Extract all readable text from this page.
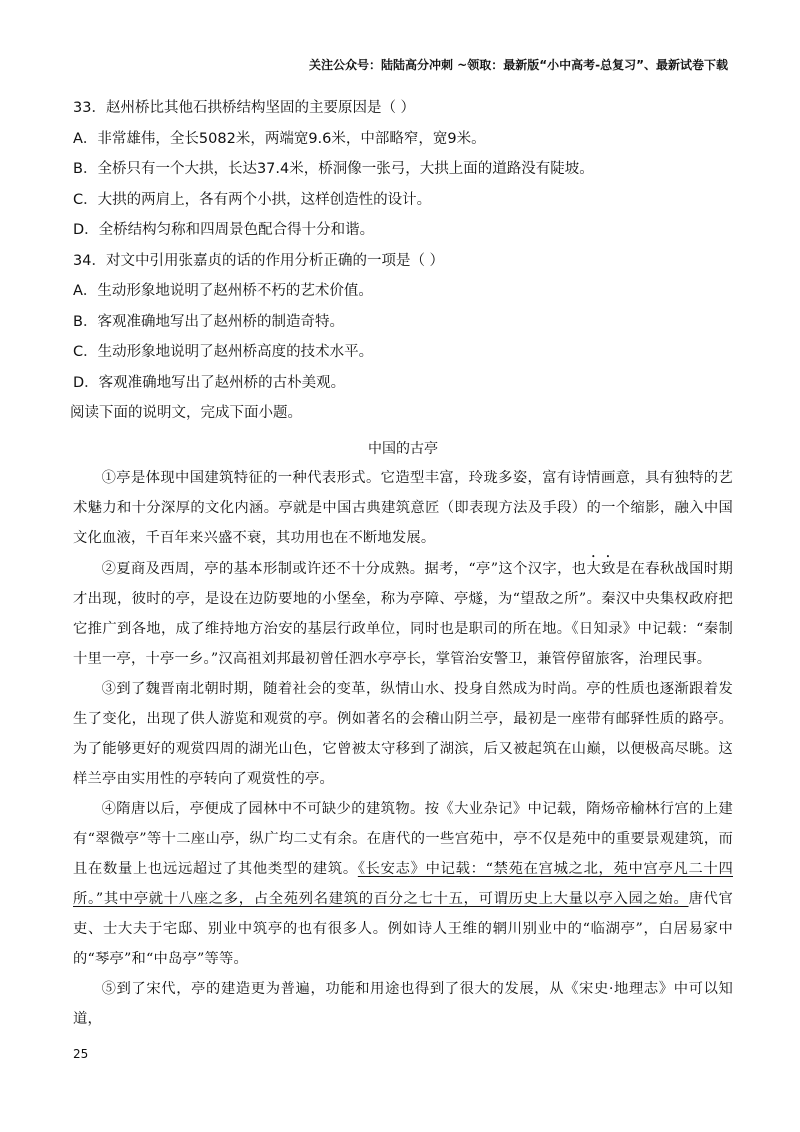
关注公众号：陆陆高分冲刺 ~领取：最新版“小中高考-总复习”、最新试卷下载

33．赵州桥比其他石拱桥结构坚固的主要原因是（ ）

A．非常雄伟，全长5082米，两端宽9.6米，中部略窄，宽9米。

B．全桥只有一个大拱，长达37.4米，桥洞像一张弓，大拱上面的道路没有陡坡。

C．大拱的两肩上，各有两个小拱，这样创造性的设计。

D．全桥结构匀称和四周景色配合得十分和谐。

34．对文中引用张嘉贞的话的作用分析正确的一项是（ ）

A．生动形象地说明了赵州桥不朽的艺术价值。

B．客观准确地写出了赵州桥的制造奇特。

C．生动形象地说明了赵州桥高度的技术水平。

D．客观准确地写出了赵州桥的古朴美观。

阅读下面的说明文，完成下面小题。

中国的古亭

①亭是体现中国建筑特征的一种代表形式。它造型丰富，玲珑多姿，富有诗情画意，具有独特的艺术魅力和十分深厚的文化内涵。亭就是中国古典建筑意匠（即表现方法及手段）的一个缩影，融入中国文化血液，千百年来兴盛不衰，其功用也在不断地发展。

②夏商及西周，亭的基本形制或许还不十分成熟。据考，“亭”这个汉字，也大致是在春秋战国时期才出现，彼时的亭，是设在边防要地的小堡垒，称为亭障、亭燧，为“望敌之所”。秦汉中央集权政府把它推广到各地，成了维持地方治安的基层行政单位，同时也是职司的所在地。《日知录》中记载：“秦制十里一亭，十亭一乡。”汉高祖刘邦最初曾任泗水亭亭长，掌管治安警卫，兼管停留旅客，治理民事。

③到了魏晋南北朝时期，随着社会的变革，纵情山水、投身自然成为时尚。亭的性质也逐渐跟着发生了变化，出现了供人游览和观赏的亭。例如著名的会稽山阴兰亭，最初是一座带有邮驿性质的路亭。为了能够更好的观赏四周的湖光山色，它曾被太守移到了湖滨，后又被起筑在山巅，以便极高尽眺。这样兰亭由实用性的亭转向了观赏性的亭。

④隋唐以后，亭便成了园林中不可缺少的建筑物。按《大业杂记》中记载，隋炀帝榆林行宫的上建有“翠微亭”等十二座山亭，纵广均二丈有余。在唐代的一些宫苑中，亭不仅是苑中的重要景观建筑，而且在数量上也远远超过了其他类型的建筑。《长安志》中记载：“禁苑在宫城之北，苑中宫亭凡二十四所。”其中亭就十八座之多，占全苑列名建筑的百分之七十五，可谓历史上大量以亭入园之始。唐代官吏、士大夫于宅邸、别业中筑亭的也有很多人。例如诗人王维的辋川别业中的“临湖亭”，白居易家中的“琴亭”和“中岛亭”等等。

⑤到了宋代，亭的建造更为普遍，功能和用途也得到了很大的发展，从《宋史·地理志》中可以知道，

25
